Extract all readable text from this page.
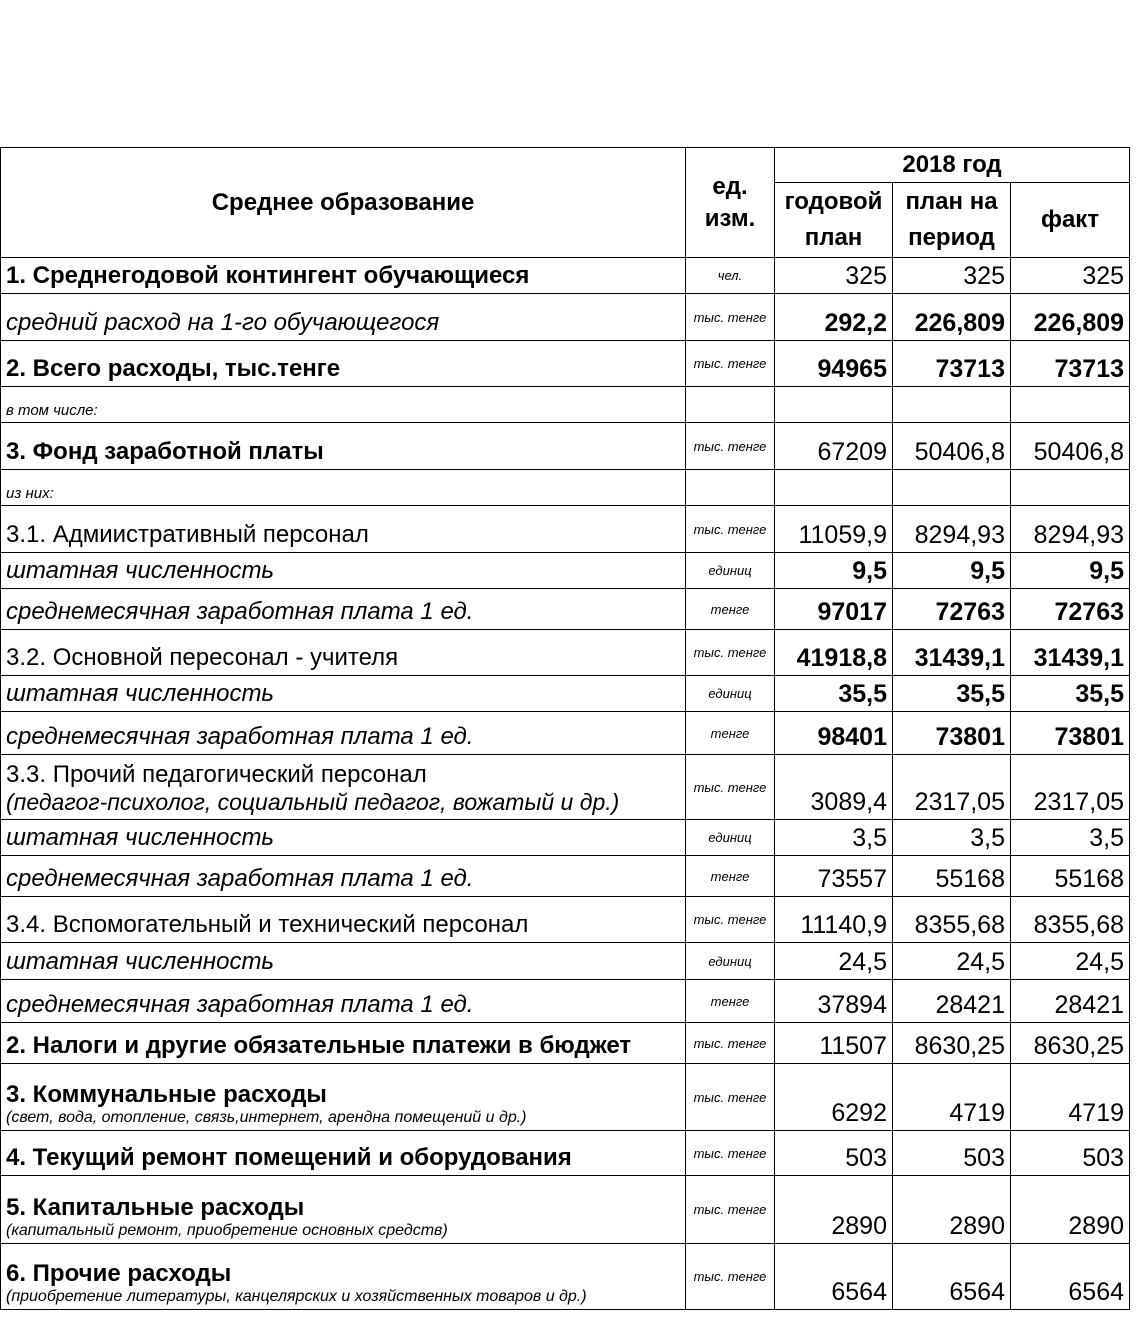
Среднее образование	ед. изм.	2018 год		
		годовой план	план на период	факт
1. Среднегодовой контингент обучающиеся	чел.	325	325	325
средний расход на 1-го обучающегося	тыс. тенге	292,2	226,809	226,809
2. Всего расходы, тыс.тенге	тыс. тенге	94965	73713	73713
в том числе:				
3. Фонд заработной платы	тыс. тенге	67209	50406,8	50406,8
из них:				
3.1. Адмиистративный персонал	тыс. тенге	11059,9	8294,93	8294,93
штатная численность	единиц	9,5	9,5	9,5
среднемесячная заработная плата 1 ед.	тенге	97017	72763	72763
3.2. Основной пересонал - учителя	тыс. тенге	41918,8	31439,1	31439,1
штатная численность	единиц	35,5	35,5	35,5
среднемесячная заработная плата 1 ед.	тенге	98401	73801	73801

3.3. Прочий педагогический персонал
(педагог-психолог, социальный педагог, вожатый и др.)	тыс. тенге	3089,4	2317,05	2317,05
штатная численность	единиц	3,5	3,5	3,5
среднемесячная заработная плата 1 ед.	тенге	73557	55168	55168
3.4. Вспомогательный и технический персонал	тыс. тенге	11140,9	8355,68	8355,68
штатная численность	единиц	24,5	24,5	24,5
среднемесячная заработная плата 1 ед.	тенге	37894	28421	28421
2. Налоги и другие обязательные платежи в бюджет	тыс. тенге	11507	8630,25	8630,25

3. Коммунальные расходы
(свет, вода, отопление, связь,интернет, арендна помещений и др.)	тыс. тенге	6292	4719	4719
4. Текущий ремонт помещений и оборудования	тыс. тенге	503	503	503

5. Капитальные расходы
(капитальный ремонт, приобретение основных средств)	тыс. тенге	2890	2890	2890

6. Прочие расходы
(приобретение литературы, канцелярских и хозяйственных товаров и др.)	тыс. тенге	6564	6564	6564
